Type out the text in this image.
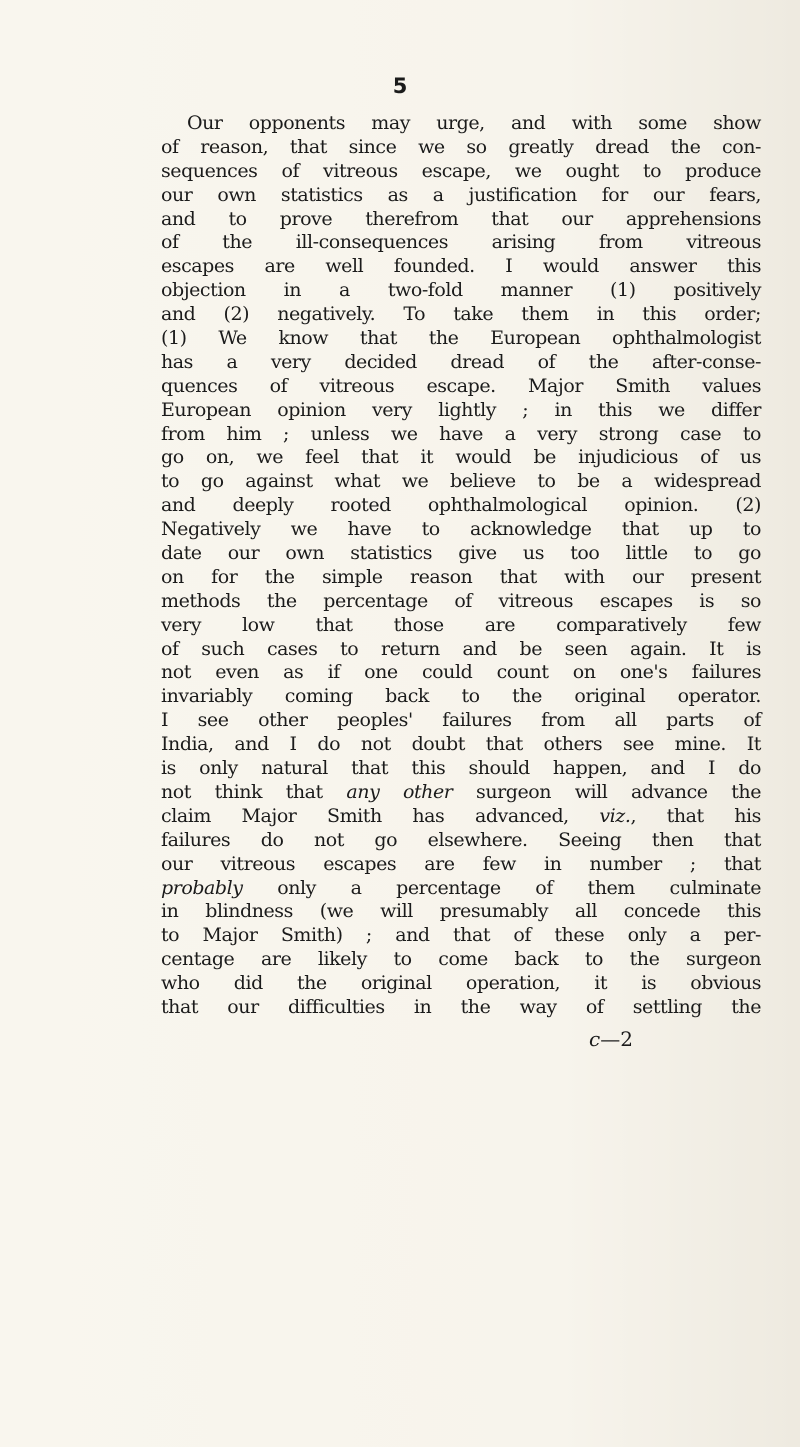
5
Our opponents may urge, and with some show
of reason, that since we so greatly dread the con-
sequences of vitreous escape, we ought to produce
our own statistics as a justification for our fears,
and to prove therefrom that our apprehensions
of the ill-consequences arising from vitreous
escapes are well founded. I would answer this
objection in a two-fold manner (1) positively
and (2) negatively. To take them in this order;
(1) We know that the European ophthalmologist
has a very decided dread of the after-conse-
quences of vitreous escape. Major Smith values
European opinion very lightly ; in this we differ
from him ; unless we have a very strong case to
go on, we feel that it would be injudicious of us
to go against what we believe to be a widespread
and deeply rooted ophthalmological opinion. (2)
Negatively we have to acknowledge that up to
date our own statistics give us too little to go
on for the simple reason that with our present
methods the percentage of vitreous escapes is so
very low that those are comparatively few
of such cases to return and be seen again. It is
not even as if one could count on one's failures
invariably coming back to the original operator.
I see other peoples' failures from all parts of
India, and I do not doubt that others see mine. It
is only natural that this should happen, and I do
not think that any other surgeon will advance the
claim Major Smith has advanced, viz., that his
failures do not go elsewhere. Seeing then that
our vitreous escapes are few in number ; that
probably only a percentage of them culminate
in blindness (we will presumably all concede this
to Major Smith) ; and that of these only a per-
centage are likely to come back to the surgeon
who did the original operation, it is obvious
that our difficulties in the way of settling the
c—2
